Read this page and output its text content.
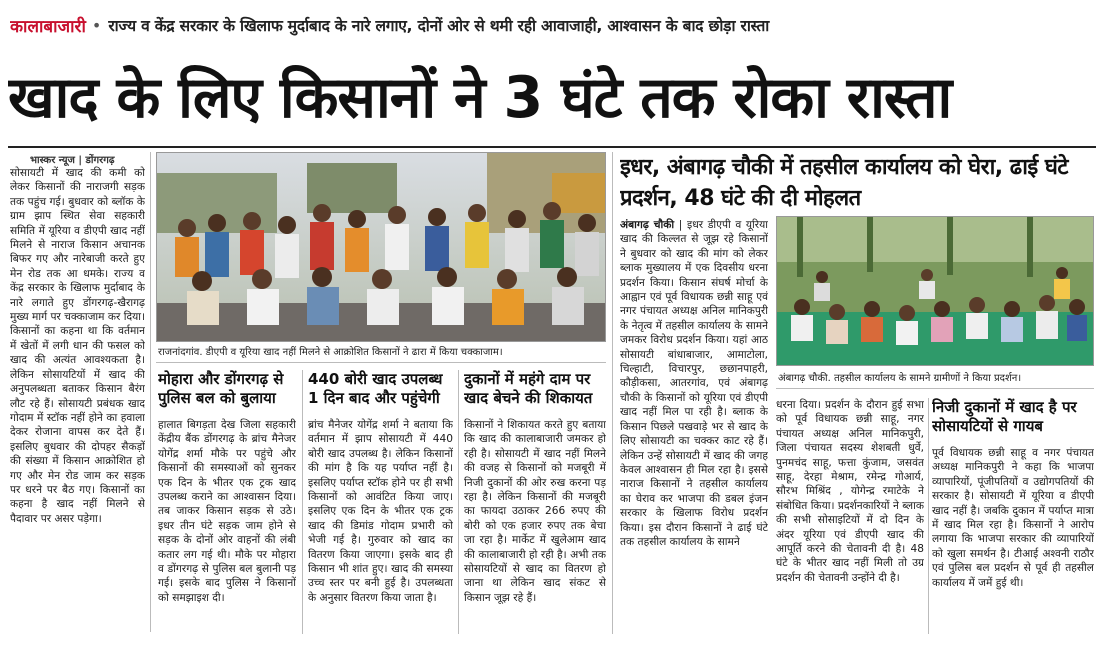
कालाबाजारी • राज्य व केंद्र सरकार के खिलाफ मुर्दाबाद के नारे लगाए, दोनों ओर से थमी रही आवाजाही, आश्वासन के बाद छोड़ा रास्ता
खाद के लिए किसानों ने 3 घंटे तक रोका रास्ता
भास्कर न्यूज | डोंगरगढ़
सोसायटी में खाद की कमी को लेकर किसानों की नाराजगी सड़क तक पहुंच गई। बुधवार को ब्लॉक के ग्राम झाप स्थित सेवा सहकारी समिति में यूरिया व डीएपी खाद नहीं मिलने से नाराज किसान अचानक बिफर गए और नारेबाजी करते हुए मेन रोड तक आ धमके। राज्य व केंद्र सरकार के खिलाफ मुर्दाबाद के नारे लगाते हुए डोंगरगढ़-खैरागढ़ मुख्य मार्ग पर चक्काजाम कर दिया। किसानों का कहना था कि वर्तमान में खेतों में लगी धान की फसल को खाद की अत्यंत आवश्यकता है। लेकिन सोसायटियों में खाद की अनुपलब्धता बताकर किसान बैरंग लौट रहे हैं। सोसायटी प्रबंधक खाद गोदाम में स्टॉक नहीं होने का हवाला देकर रोजाना वापस कर देते हैं। इसलिए बुधवार की दोपहर सैकड़ों की संख्या में किसान आक्रोशित हो गए और मेन रोड जाम कर सड़क पर धरने पर बैठ गए। किसानों का कहना है खाद नहीं मिलने से पैदावार पर असर पड़ेगा।
राजनांदगांव. डीएपी व यूरिया खाद नहीं मिलने से आक्रोशित किसानों ने ढारा में किया चक्काजाम।
मोहारा और डोंगरगढ़ से पुलिस बल को बुलाया
हालात बिगड़ता देख जिला सहकारी केंद्रीय बैंक डोंगरगढ़ के ब्रांच मैनेजर योगेंद्र शर्मा मौके पर पहुंचे और किसानों की समस्याओं को सुनकर एक दिन के भीतर एक ट्रक खाद उपलब्ध कराने का आश्वासन दिया। तब जाकर किसान सड़क से उठे। इधर तीन घंटे सड़क जाम होने से सड़क के दोनों ओर वाहनों की लंबी कतार लग गई थी। मौके पर मोहारा व डोंगरगढ़ से पुलिस बल बुलानी पड़ गई। इसके बाद पुलिस ने किसानों को समझाइश दी।
440 बोरी खाद उपलब्ध 1 दिन बाद और पहुंचेगी
ब्रांच मैनेजर योगेंद्र शर्मा ने बताया कि वर्तमान में झाप सोसायटी में 440 बोरी खाद उपलब्ध है। लेकिन किसानों की मांग है कि यह पर्याप्त नहीं है। इसलिए पर्याप्त स्टॉक होने पर ही सभी किसानों को आवंटित किया जाए। इसलिए एक दिन के भीतर एक ट्रक खाद की डिमांड गोदाम प्रभारी को भेजी गई है। गुरुवार को खाद का वितरण किया जाएगा। इसके बाद ही किसान भी शांत हुए। खाद की समस्या उच्च स्तर पर बनी हुई है। उपलब्धता के अनुसार वितरण किया जाता है।
दुकानों में महंगे दाम पर खाद बेचने की शिकायत
किसानों ने शिकायत करते हुए बताया कि खाद की कालाबाजारी जमकर हो रही है। सोसायटी में खाद नहीं मिलने की वजह से किसानों को मजबूरी में निजी दुकानों की ओर रुख करना पड़ रहा है। लेकिन किसानों की मजबूरी का फायदा उठाकर 266 रुपए की बोरी को एक हजार रुपए तक बेचा जा रहा है। मार्केट में खुलेआम खाद की कालाबाजारी हो रही है। अभी तक सोसायटियों से खाद का वितरण हो जाना था लेकिन खाद संकट से किसान जूझ रहे हैं।
इधर, अंबागढ़ चौकी में तहसील कार्यालय को घेरा, ढाई घंटे प्रदर्शन, 48 घंटे की दी मोहलत
अंबागढ़ चौकी | इधर डीएपी व यूरिया खाद की किल्लत से जूझ रहे किसानों ने बुधवार को खाद की मांग को लेकर ब्लाक मुख्यालय में एक दिवसीय धरना प्रदर्शन किया। किसान संघर्ष मोर्चा के आह्वान एवं पूर्व विधायक छन्नी साहू एवं नगर पंचायत अध्यक्ष अनिल मानिकपुरी के नेतृत्व में तहसील कार्यालय के सामने जमकर विरोध प्रदर्शन किया। यहां आठ सोसायटी बांधाबाजार, आमाटोला, चिल्हाटी, विचारपुर, छछानपाहरी, कौड़ीकसा, आतरगांव, एवं अंबागढ़ चौकी के किसानों को यूरिया एवं डीएपी खाद नहीं मिल पा रही है। ब्लाक के किसान पिछले पखवाड़े भर से खाद के लिए सोसायटी का चक्कर काट रहे हैं। लेकिन उन्हें सोसायटी में खाद की जगह केवल आश्वासन ही मिल रहा है। इससे नाराज किसानों ने तहसील कार्यालय का घेराव कर भाजपा की डबल इंजन सरकार के खिलाफ विरोध प्रदर्शन किया। इस दौरान किसानों ने ढाई घंटे तक तहसील कार्यालय के सामने
अंबागढ़ चौकी. तहसील कार्यालय के सामने ग्रामीणों ने किया प्रदर्शन।
धरना दिया। प्रदर्शन के दौरान हुई सभा को पूर्व विधायक छन्नी साहू, नगर पंचायत अध्यक्ष अनिल मानिकपुरी, जिला पंचायत सदस्य शेशबती धुर्वे, पुनमचंद साहू, फत्ता कुंजाम, जसवंत साहू, देरहा मेश्राम, रमेन्द्र गोआर्य, सौरभ मिश्रिंद , योगेन्द्र रमाटेके ने संबोधित किया। प्रदर्शनकारियों ने ब्लाक की सभी सोसाइटियों में दो दिन के अंदर यूरिया एवं डीएपी खाद की आपूर्ति करने की चेतावनी दी है। 48 घंटे के भीतर खाद नहीं मिली तो उग्र प्रदर्शन की चेतावनी उन्होंने दी है।
निजी दुकानों में खाद है पर सोसायटियों से गायब
पूर्व विधायक छन्नी साहू व नगर पंचायत अध्यक्ष मानिकपुरी ने कहा कि भाजपा व्यापारियों, पूंजीपतियों व उद्योगपतियों की सरकार है। सोसायटी में यूरिया व डीएपी खाद नहीं है। जबकि दुकान में पर्याप्त मात्रा में खाद मिल रहा है। किसानों ने आरोप लगाया कि भाजपा सरकार की व्यापारियों को खुला समर्थन है। टीआई अश्वनी राठौर एवं पुलिस बल प्रदर्शन से पूर्व ही तहसील कार्यालय में जमें हुई थी।
